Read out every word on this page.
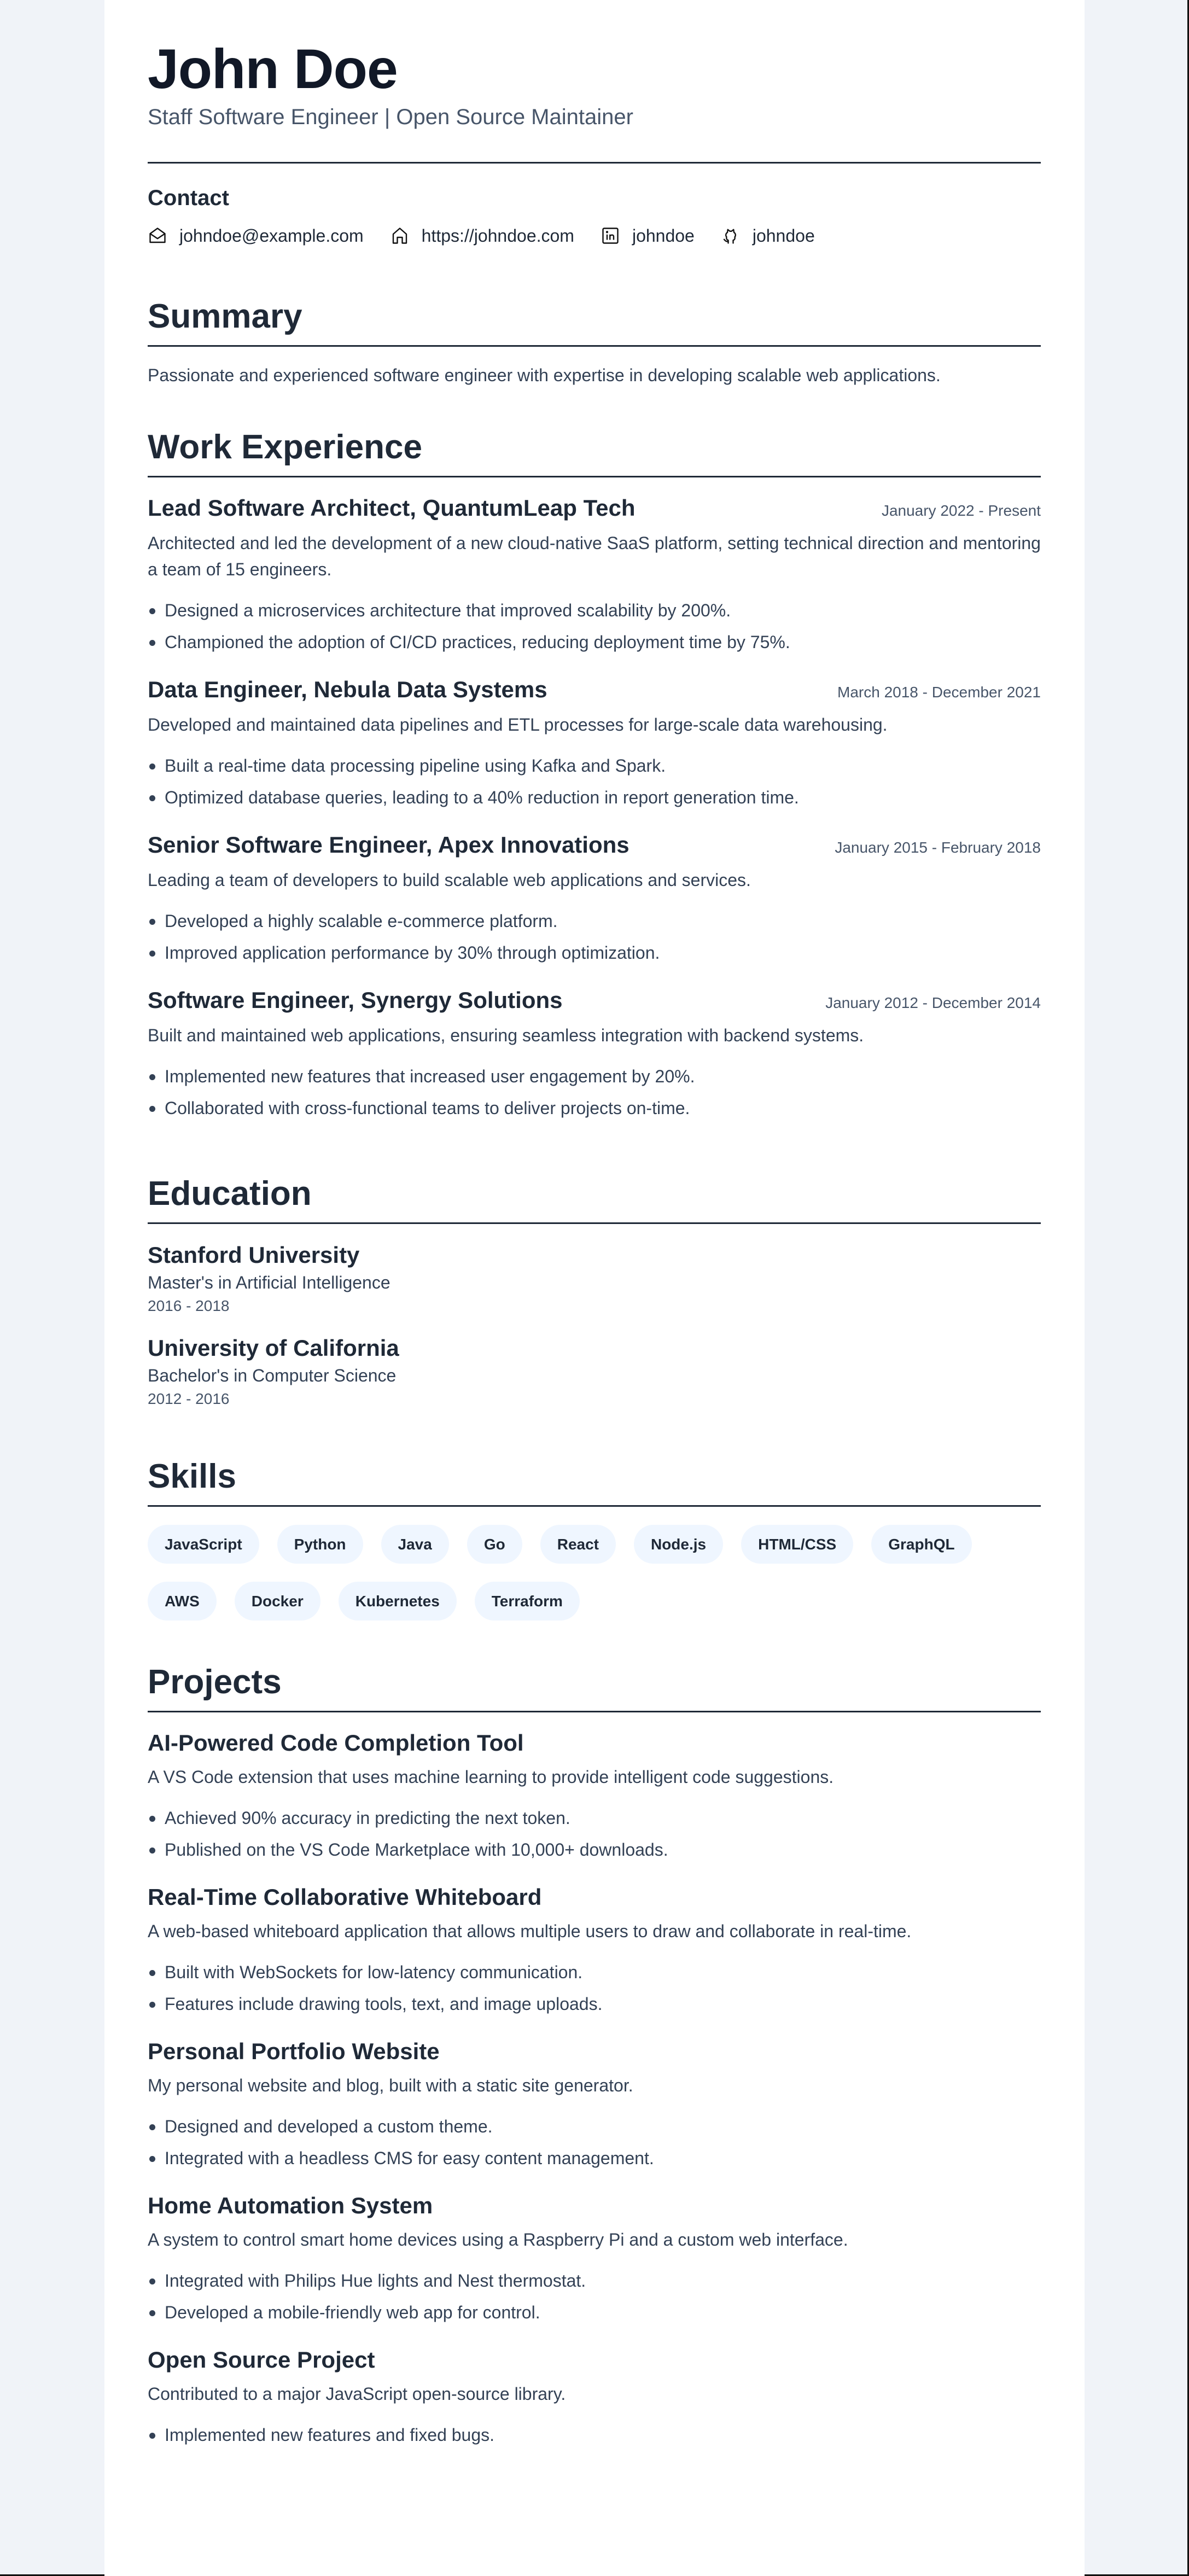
John Doe
Staff Software Engineer | Open Source Maintainer
Contact
johndoe@example.com	https://johndoe.com	johndoe	johndoe
Summary

Passionate and experienced software engineer with expertise in developing scalable web applications.

Work Experience
Lead Software Architect, QuantumLeap Tech	January 2022 - Present

Architected and led the development of a new cloud-native SaaS platform, setting technical direction and mentoring a team of 15 engineers.

Designed a microservices architecture that improved scalability by 200%.
Championed the adoption of CI/CD practices, reducing deployment time by 75%.
Data Engineer, Nebula Data Systems	March 2018 - December 2021

Developed and maintained data pipelines and ETL processes for large-scale data warehousing.

Built a real-time data processing pipeline using Kafka and Spark.
Optimized database queries, leading to a 40% reduction in report generation time.
Senior Software Engineer, Apex Innovations	January 2015 - February 2018

Leading a team of developers to build scalable web applications and services.

Developed a highly scalable e-commerce platform.
Improved application performance by 30% through optimization.
Software Engineer, Synergy Solutions	January 2012 - December 2014

Built and maintained web applications, ensuring seamless integration with backend systems.

Implemented new features that increased user engagement by 20%.
Collaborated with cross-functional teams to deliver projects on-time.
Education
Stanford University
Master's in Artificial Intelligence
2016 - 2018
University of California
Bachelor's in Computer Science
2012 - 2016
Skills
JavaScript	Python	Java	Go	React	Node.js	HTML/CSS	GraphQL
AWS	Docker	Kubernetes	Terraform
Projects
AI-Powered Code Completion Tool

A VS Code extension that uses machine learning to provide intelligent code suggestions.

Achieved 90% accuracy in predicting the next token.
Published on the VS Code Marketplace with 10,000+ downloads.
Real-Time Collaborative Whiteboard

A web-based whiteboard application that allows multiple users to draw and collaborate in real-time.

Built with WebSockets for low-latency communication.
Features include drawing tools, text, and image uploads.
Personal Portfolio Website

My personal website and blog, built with a static site generator.

Designed and developed a custom theme.
Integrated with a headless CMS for easy content management.
Home Automation System

A system to control smart home devices using a Raspberry Pi and a custom web interface.

Integrated with Philips Hue lights and Nest thermostat.
Developed a mobile-friendly web app for control.
Open Source Project

Contributed to a major JavaScript open-source library.

Implemented new features and fixed bugs.
